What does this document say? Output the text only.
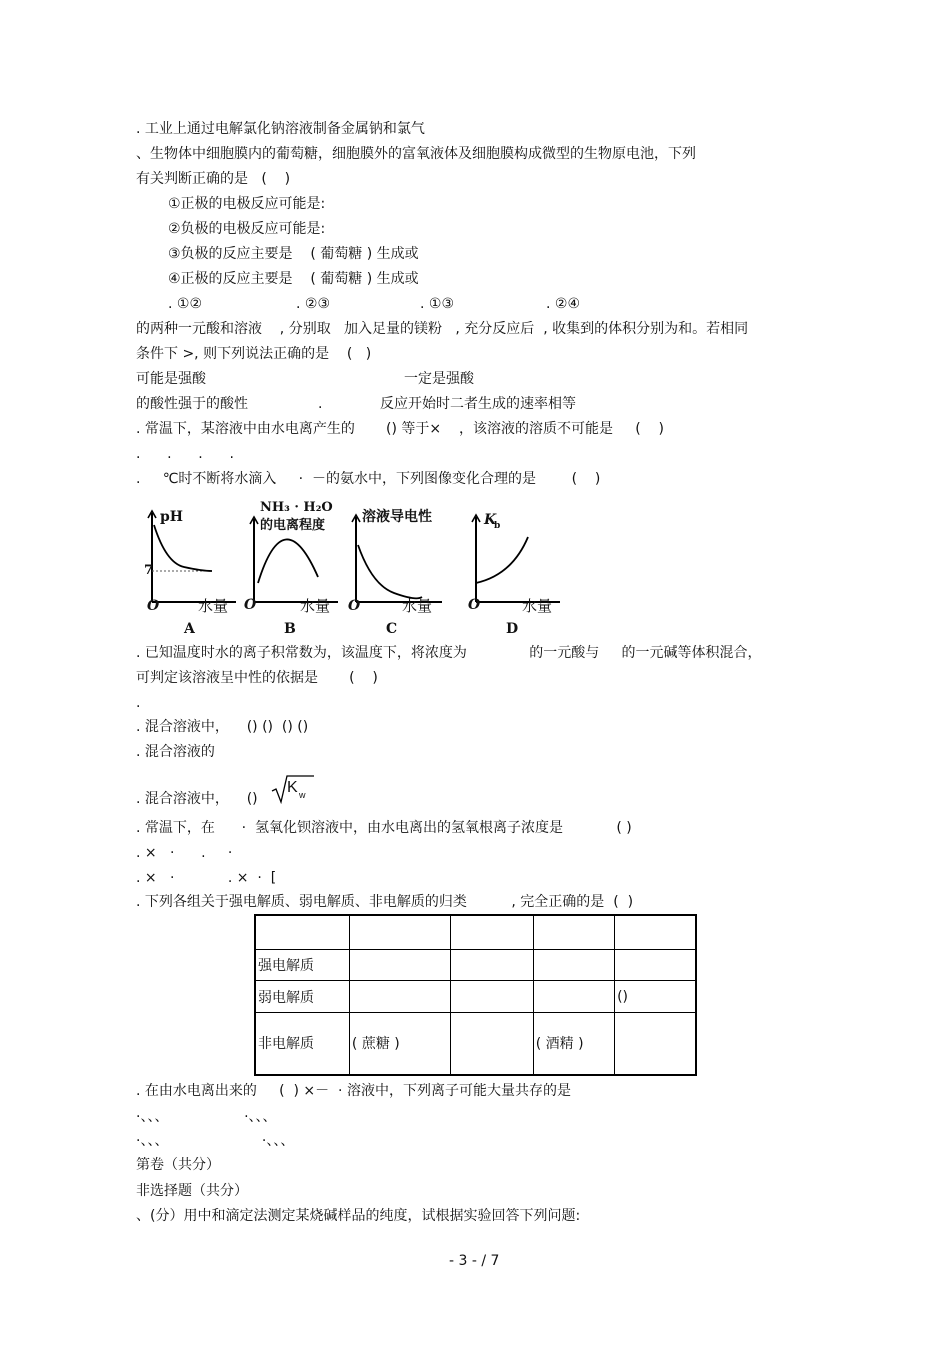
. 工业上通过电解氯化钠溶液制备金属钠和氯气
、生物体中细胞膜内的葡萄糖，细胞膜外的富氧液体及细胞膜构成微型的生物原电池，下列
有关判断正确的是   (    )
①正极的电极反应可能是:
②负极的电极反应可能是:
③负极的反应主要是    ( 葡萄糖 ) 生成或
④正极的反应主要是    ( 葡萄糖 ) 生成或
. ①②	. ②③	. ①③	. ②④
的两种一元酸和溶液    , 分别取   加入足量的镁粉   , 充分反应后  , 收集到的体积分别为和。若相同
条件下 >, 则下列说法正确的是    (   )
可能是强酸	一定是强酸
的酸性强于的酸性	.	反应开始时二者生成的速率相等
. 常温下，某溶液中由水电离产生的       () 等于×    ，该溶液的溶质不可能是     (    )
.      .      .      .
.     ℃时不断将水滴入     ·  －的氨水中，下列图像变化合理的是        (    )
pH
7
O	水量
A
NH₃ · H₂O
的电离程度
O	水量
B
溶液导电性
O	水量
C
K
b
O	水量
D
. 已知温度时水的离子积常数为，该温度下，将浓度为              的一元酸与     的一元碱等体积混合，
可判定该溶液呈中性的依据是       (    )
.
. 混合溶液中，    () ()  () ()
. 混合溶液的
. 混合溶液中，    ()
K w
. 常温下，在      ·  氢氧化钡溶液中，由水电离出的氢氧根离子浓度是            ( )
. ×   ·      .     ·
. ×   ·            . ×  ·  [
. 下列各组关于强电解质、弱电解质、非电解质的归类          , 完全正确的是  (  )

强电解质				
弱电解质				()
非电解质	( 蔗糖 )		( 酒精 )	
. 在由水电离出来的     (  ) ×－  · 溶液中，下列离子可能大量共存的是
·、、、                 ·、、、
·、、、                     ·、、、
第卷（共分）
非选择题（共分）
、(分）用中和滴定法测定某烧碱样品的纯度，试根据实验回答下列问题:
- 3 - / 7
